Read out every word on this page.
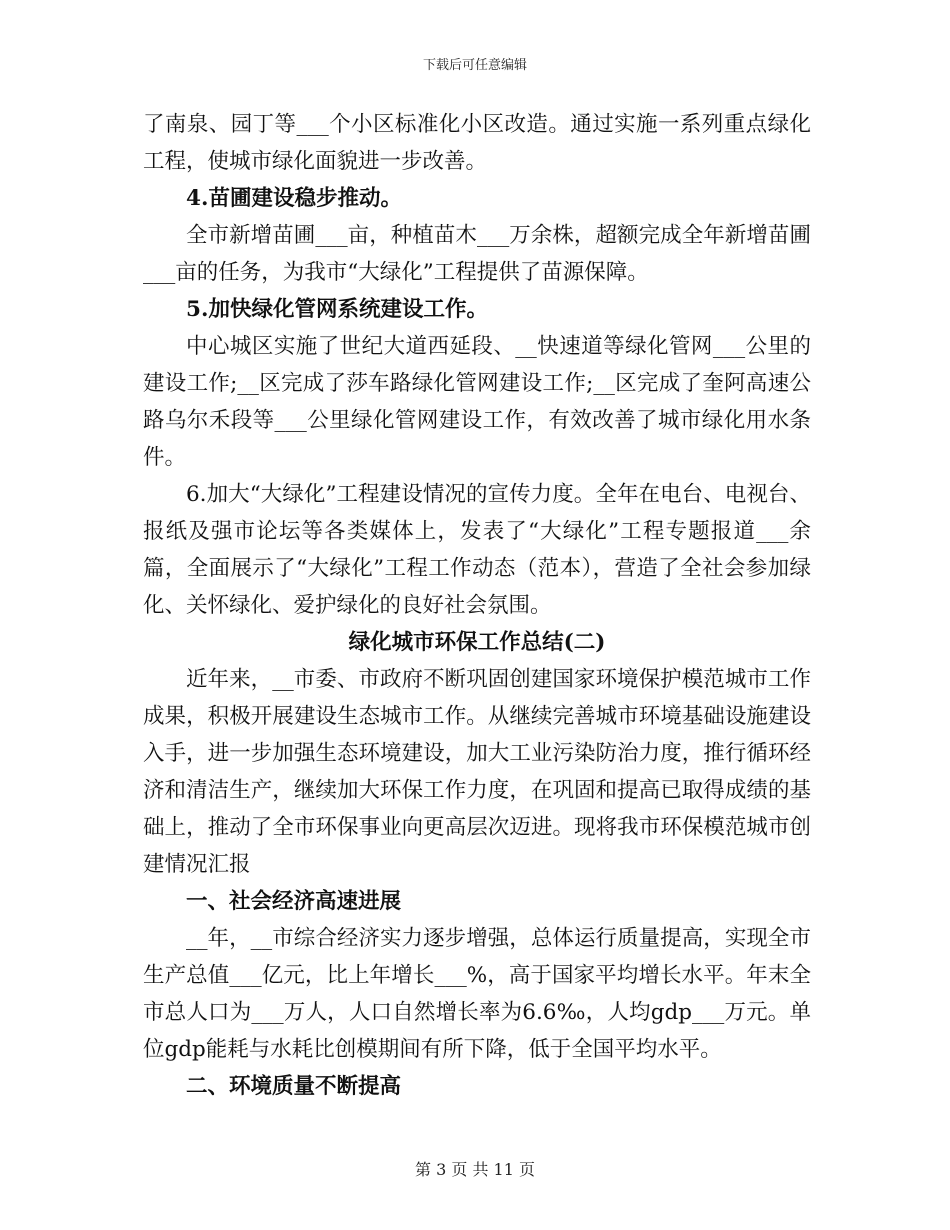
下载后可任意编辑

了南泉、园丁等___个小区标准化小区改造。通过实施一系列重点绿化工程，使城市绿化面貌进一步改善。

4.苗圃建设稳步推动。

全市新增苗圃___亩，种植苗木___万余株，超额完成全年新增苗圃___亩的任务，为我市“大绿化”工程提供了苗源保障。

5.加快绿化管网系统建设工作。

中心城区实施了世纪大道西延段、__快速道等绿化管网___公里的建设工作;__区完成了莎车路绿化管网建设工作;__区完成了奎阿高速公路乌尔禾段等___公里绿化管网建设工作，有效改善了城市绿化用水条件。

6.加大“大绿化”工程建设情况的宣传力度。全年在电台、电视台、报纸及强市论坛等各类媒体上，发表了“大绿化”工程专题报道___余篇，全面展示了“大绿化”工程工作动态（范本），营造了全社会参加绿化、关怀绿化、爱护绿化的良好社会氛围。

绿化城市环保工作总结(二)

近年来，__市委、市政府不断巩固创建国家环境保护模范城市工作成果，积极开展建设生态城市工作。从继续完善城市环境基础设施建设入手，进一步加强生态环境建设，加大工业污染防治力度，推行循环经济和清洁生产，继续加大环保工作力度，在巩固和提高已取得成绩的基础上，推动了全市环保事业向更高层次迈进。现将我市环保模范城市创建情况汇报

一、社会经济高速进展

__年，__市综合经济实力逐步增强，总体运行质量提高，实现全市生产总值___亿元，比上年增长___%，高于国家平均增长水平。年末全市总人口为___万人，人口自然增长率为6.6‰，人均gdp___万元。单位gdp能耗与水耗比创模期间有所下降，低于全国平均水平。

二、环境质量不断提高

第 3 页 共 11 页
